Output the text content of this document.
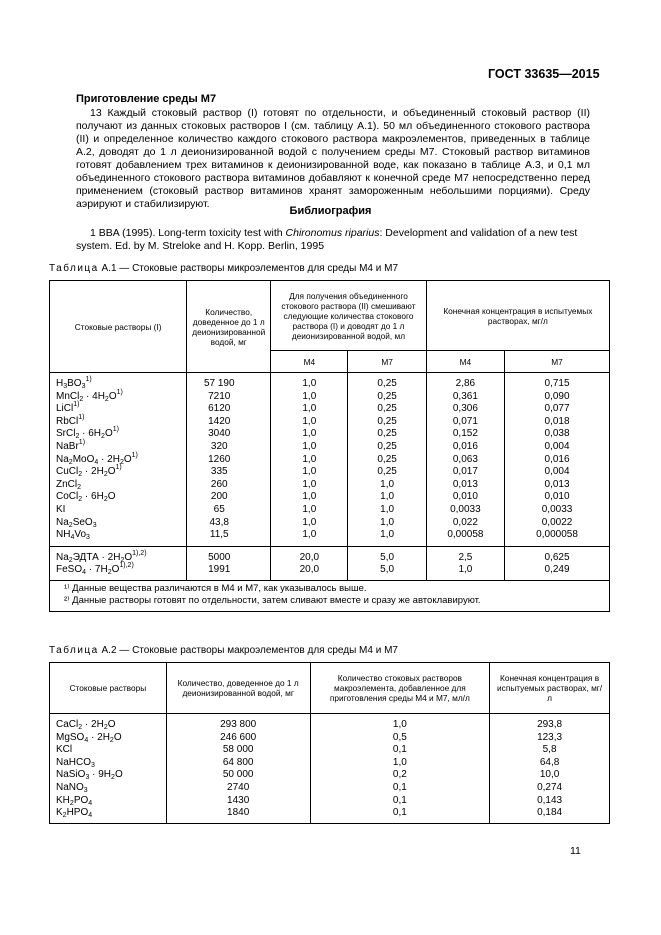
ГОСТ 33635—2015
Приготовление среды М7

13 Каждый стоковый раствор (I) готовят по отдельности, и объединенный стоковый раствор (II) получают из данных стоковых растворов I (см. таблицу А.1). 50 мл объединенного стокового раствора (II) и определенное количество каждого стокового раствора макроэлементов, приведенных в таблице А.2, доводят до 1 л деионизированной водой с получением среды М7. Стоковый раствор витаминов готовят добавлением трех витаминов к деионизированной воде, как показано в таблице А.3, и 0,1 мл объединенного стокового раствора витаминов добавляют к конечной среде М7 непосредственно перед применением (стоковый раствор витаминов хранят замороженным небольшими порциями). Среду аэрируют и стабилизируют.

Библиография

1 BBA (1995). Long-term toxicity test with Chironomus riparius: Development and validation of a new test system. Ed. by M. Streloke and H. Kopp. Berlin, 1995

Таблица А.1 — Стоковые растворы микроэлементов для среды М4 и М7
Стоковые растворы (I)	Количество, доведенное до 1 л деионизированной водой, мг	Для получения объединенного стокового раствора (II) смешивают следующие количества стокового раствора (I) и доводят до 1 л деионизированной водой, мл		Конечная концентрация в испытуемых растворах, мг/л	
		М4	М7	М4	М7
$H_3BO_3^{1)}$	57 190	1,0	0,25	2,86	0,715
MnCl$_2$ · $4H_2O^{1)}$	7210	1,0	0,25	0,361	0,090
LiCl$^{1)}$	6120	1,0	0,25	0,306	0,077
RbCl$^{1)}$	1420	1,0	0,25	0,071	0,018
SrCl$_2$ · $6H_2O^{1)}$	3040	1,0	0,25	0,152	0,038
NaBr$^{1)}$	320	1,0	0,25	0,016	0,004
$Na_2MoO_4 \cdot 2H_2O^{1)}$	1260	1,0	0,25	0,063	0,016
CuCl$_2$ · $2H_2O^{1)}$	335	1,0	0,25	0,017	0,004
ZnCl$_2$	260	1,0	1,0	0,013	0,013
CoCl$_2$ · $6H_2O$	200	1,0	1,0	0,010	0,010
KI	65	1,0	1,0	0,0033	0,0033
$Na_2SeO_3$	43,8	1,0	1,0	0,022	0,0022
$NH_4Vo_3$	11,5	1,0	1,0	0,00058	0,000058
$Na_2ЭДТА \cdot 2H_2O^{1),2)}$	5000	20,0	5,0	2,5	0,625
FeSO$_4$ · $7H_2O^{1),2)}$	1991	20,0	5,0	1,0	0,249

¹⁾ Данные вещества различаются в М4 и М7, как указывалось выше.
²⁾ Данные растворы готовят по отдельности, затем сливают вместе и сразу же автоклавируют.					
Таблица А.2 — Стоковые растворы макроэлементов для среды М4 и М7
Стоковые растворы	Количество, доведенное до 1 л деионизированной водой, мг	Количество стоковых растворов макроэлемента, добавленное для приготовления среды М4 и М7, мл/л	Конечная концентрация в испытуемых растворах, мг/л
CaCl$_2$ · $2H_2O$	293 800	1,0	293,8
MgSO$_4$ · $2H_2O$	246 600	0,5	123,3
KCl	58 000	0,1	5,8
NaHCO$_3$	64 800	1,0	64,8
NaSiO$_3$ · $9H_2O$	50 000	0,2	10,0
NaNO$_3$	2740	0,1	0,274
$KH_2PO_4$	1430	0,1	0,143
$K_2HPO_4$	1840	0,1	0,184
11
